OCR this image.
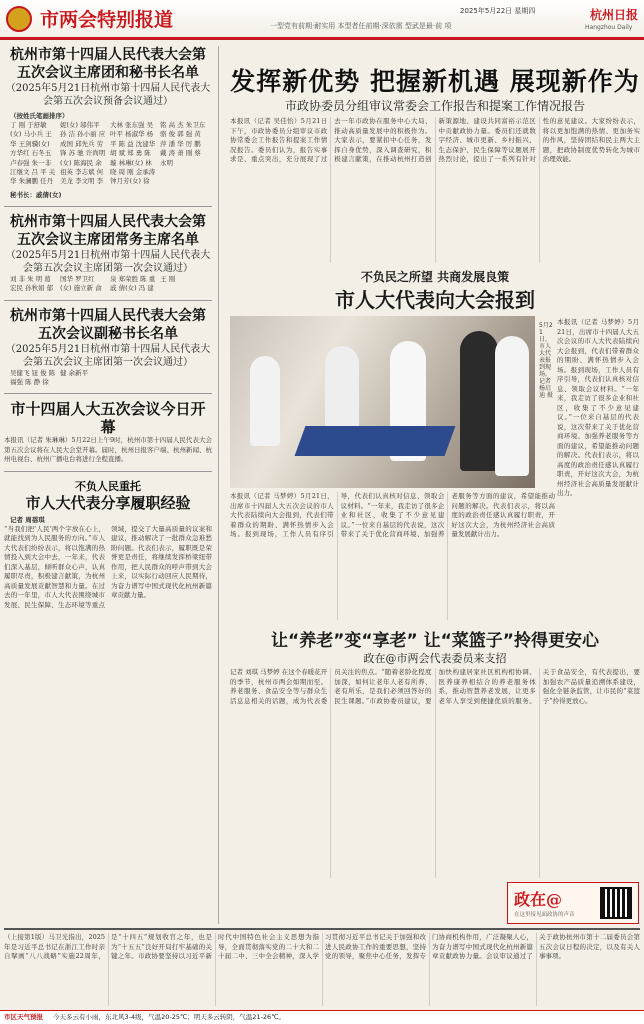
市两会特别报道	一型党有前期·耐实用 本型者任前期·深依需 型武是最·前 项
2025年5月22日 星期四	杭州日报
Hangzhou Daily
杭州市第十四届人民代表大会第五次会议主席团和秘书长名单
（2025年5月21日杭州市第十四届人民代表大会第五次会议预备会议通过）
（按姓氏笔画排序）
丁 刚 于舒敏(女) 马小兵 王 华 王剑骥(女) 方华红 石冬玉 卢春强 朱一非 江继文 吕 平 关 华 朱澜鹏 任丹妮(女) 邬伟平 孙 洁 孙小丽 应成国 邱先兵 劳 锋 苏 驰 许尚明(女) 陈海民 余祖英 李志斌 何美龙 李文明 李大林 张东强 吴叶平 杨淑华 杨 平 陈 益 沈建华 胡 斌 郑 勇 陈 璇 林琳(女) 林 晓 周 刚 金承涛 钟月芳(女) 徐 铭 高 杰 朱卫东 骆 俊 郭 强 黄 萍 潘 华 厉 鹏 戴 涛 萧 刚 蔡永明
秘书长：戚倩(女)
杭州市第十四届人民代表大会第五次会议主席团常务主席名单
（2025年5月21日杭州市第十四届人民代表大会第五次会议主席团第一次会议通过）
刘 非 朱 明 葛宏民 孙秋娟 郁国华 罗卫红(女) 施立新 俞 泉 郑荣胜 陈 重 戚 倩(女) 冯 建 王 刚
杭州市第十四届人民代表大会第五次会议副秘书长名单
（2025年5月21日杭州市第十四届人民代表大会第五次会议主席团第一次会议通过）
吴健飞 钮 俊 陈福强 陈 静 徐 健 余新平
市十四届人大五次会议今日开幕
本报讯（记者 朱琳琳）5月22日上午9时，杭州市第十四届人民代表大会第五次会议将在人民大会堂开幕。届时，杭州日报客户端、杭州新闻、杭州电视台、杭州广播电台将进行全程直播。
不负人民重托
市人大代表分享履职经验
记者 周蓓琪
“当我们把‘人民’两个字放在心上，就能找到为人民服务的方向。”市人大代表们纷纷表示，将以饱满的热情投入到大会中去，一年来，代表们深入基层，倾听群众心声，认真履职尽责，积极建言献策，为杭州高质量发展贡献智慧和力量。在过去的一年里，市人大代表围绕城市发展、民生保障、生态环境等重点领域，提交了大量高质量的议案和建议，推动解决了一批群众急难愁盼问题。代表们表示，履职既是荣誉更是责任，将继续发挥桥梁纽带作用，把人民群众的呼声带到大会上来，以实际行动回应人民期待，为奋力谱写中国式现代化杭州新篇章贡献力量。
发挥新优势 把握新机遇 展现新作为
市政协委员分组审议常委会工作报告和提案工作情况报告
本报讯（记者 吴佳怡）5月21日下午，市政协委员分组审议市政协常委会工作报告和提案工作情况报告。委员们认为，报告实事求是、重点突出，充分展现了过去一年市政协在服务中心大局、推动高质量发展中的积极作为。大家表示，要紧扣中心任务，发挥自身优势，深入调查研究，积极建言献策，在推动杭州打造创新策源地、建设共同富裕示范区中贡献政协力量。委员们还就数字经济、城市更新、乡村振兴、生态保护、民生保障等议题展开热烈讨论，提出了一系列有针对性的意见建议。大家纷纷表示，将以更加饱满的热情、更加务实的作风，坚持团结和民主两大主题，把政协制度优势转化为城市治理效能。
不负民之所望 共商发展良策
市人大代表向大会报到
5月21日，市人大代表报到现场。记者 杨启迪 摄
本报讯（记者 马梦婷）5月21日，出席市十四届人大五次会议的市人大代表陆续向大会报到，代表们带着群众的期盼、满怀热情步入会场。报到现场，工作人员有序引导，代表们认真核对信息、领取会议材料。“一年来，我走访了很多企业和社区，收集了不少意见建议。”一位来自基层的代表说，这次带来了关于优化营商环境、加强养老服务等方面的建议，希望能推动问题的解决。代表们表示，将以高度的政治责任感认真履行职责，开好这次大会，为杭州经济社会高质量发展献计出力。
本报讯（记者 马梦婷）5月21日，出席市十四届人大五次会议的市人大代表陆续向大会报到，代表们带着群众的期盼、满怀热情步入会场。报到现场，工作人员有序引导，代表们认真核对信息、领取会议材料。“一年来，我走访了很多企业和社区，收集了不少意见建议。”一位来自基层的代表说，这次带来了关于优化营商环境、加强养老服务等方面的建议，希望能推动问题的解决。代表们表示，将以高度的政治责任感认真履行职责，开好这次大会，为杭州经济社会高质量发展献计出力。
让“养老”变“享老” 让“菜篮子”拎得更安心
政在@市两会代表委员来支招
记者 刘琪 马梦婷 在这个春暖花开的季节，杭州市两会如期而至。养老服务、食品安全等与群众生活息息相关的话题，成为代表委员关注的焦点。“随着老龄化程度加深，如何让老年人老有所养、老有所乐，是我们必须回答好的民生课题。”市政协委员建议，要加快构建居家社区机构相协调、医养康养相结合的养老服务体系，推动智慧养老发展，让更多老年人享受到便捷优质的服务。关于食品安全，有代表提出，要加强农产品质量追溯体系建设，强化全链条监管，让市民的“菜篮子”拎得更放心。
政在@
在这里接见面政协的声音
（上接第1版）马卫光指出，2025年是习近平总书记在浙江工作时亲自擘画“八八战略”实施22周年，是“十四五”规划收官之年，也是为“十五五”良好开局打牢基础的关键之年。市政协要坚持以习近平新时代中国特色社会主义思想为指导，全面贯彻落实党的二十大和二十届二中、三中全会精神，深入学习贯彻习近平总书记关于加强和改进人民政协工作的重要思想，坚持党的领导，聚焦中心任务，发挥专门协商机构作用，广泛凝聚人心，为奋力谱写中国式现代化杭州新篇章贡献政协力量。会议审议通过了关于政协杭州市第十二届委员会第五次会议日程的决定，以及有关人事事项。
市区天气预报 今天多云有小雨，东北风3-4级，气温20-25℃；明天多云转阴，气温21-26℃。
